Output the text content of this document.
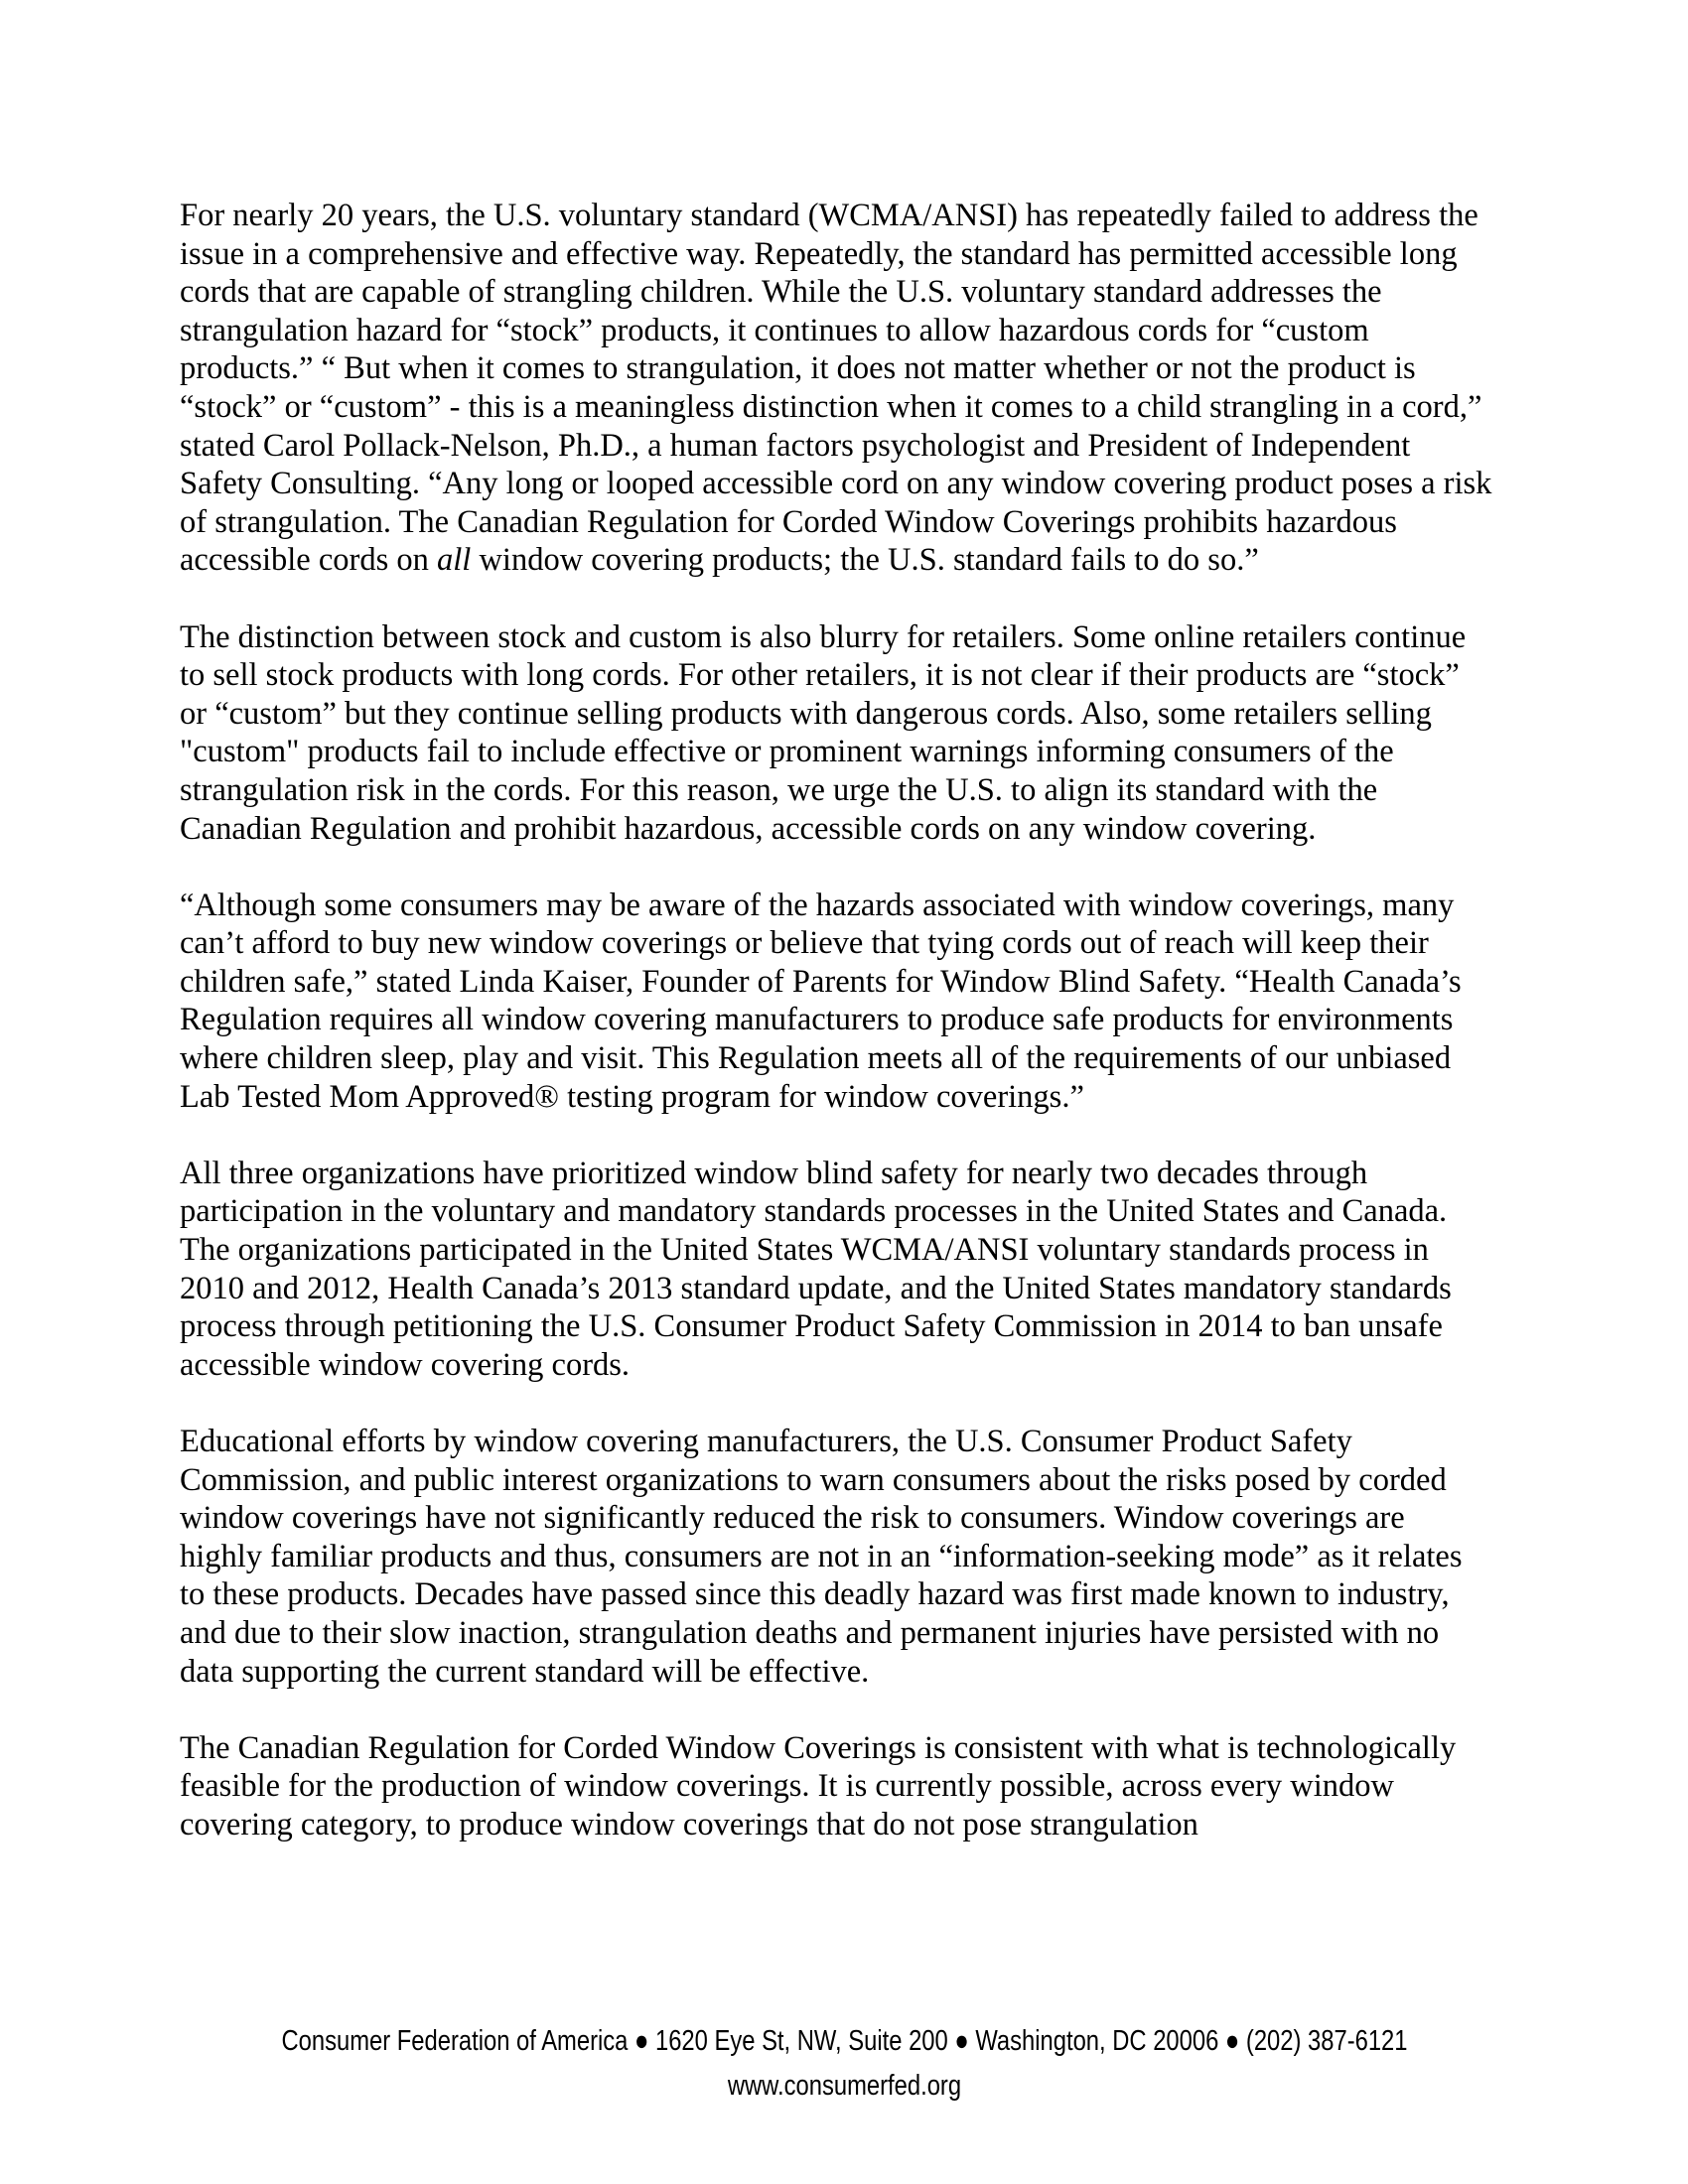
For nearly 20 years, the U.S. voluntary standard (WCMA/ANSI) has repeatedly failed to address the issue in a comprehensive and effective way. Repeatedly, the standard has permitted accessible long cords that are capable of strangling children. While the U.S. voluntary standard addresses the strangulation hazard for “stock” products, it continues to allow hazardous cords for “custom products.” “ But when it comes to strangulation, it does not matter whether or not the product is “stock” or “custom” - this is a meaningless distinction when it comes to a child strangling in a cord,” stated Carol Pollack-Nelson, Ph.D., a human factors psychologist and President of Independent Safety Consulting. “Any long or looped accessible cord on any window covering product poses a risk of strangulation. The Canadian Regulation for Corded Window Coverings prohibits hazardous accessible cords on all window covering products; the U.S. standard fails to do so.”

The distinction between stock and custom is also blurry for retailers. Some online retailers continue to sell stock products with long cords. For other retailers, it is not clear if their products are “stock” or “custom” but they continue selling products with dangerous cords. Also, some retailers selling "custom" products fail to include effective or prominent warnings informing consumers of the strangulation risk in the cords. For this reason, we urge the U.S. to align its standard with the Canadian Regulation and prohibit hazardous, accessible cords on any window covering.

“Although some consumers may be aware of the hazards associated with window coverings, many can’t afford to buy new window coverings or believe that tying cords out of reach will keep their children safe,” stated Linda Kaiser, Founder of Parents for Window Blind Safety. “Health Canada’s Regulation requires all window covering manufacturers to produce safe products for environments where children sleep, play and visit. This Regulation meets all of the requirements of our unbiased Lab Tested Mom Approved® testing program for window coverings.”

All three organizations have prioritized window blind safety for nearly two decades through participation in the voluntary and mandatory standards processes in the United States and Canada. The organizations participated in the United States WCMA/ANSI voluntary standards process in 2010 and 2012, Health Canada’s 2013 standard update, and the United States mandatory standards process through petitioning the U.S. Consumer Product Safety Commission in 2014 to ban unsafe accessible window covering cords.

Educational efforts by window covering manufacturers, the U.S. Consumer Product Safety Commission, and public interest organizations to warn consumers about the risks posed by corded window coverings have not significantly reduced the risk to consumers. Window coverings are highly familiar products and thus, consumers are not in an “information-seeking mode” as it relates to these products. Decades have passed since this deadly hazard was first made known to industry, and due to their slow inaction, strangulation deaths and permanent injuries have persisted with no data supporting the current standard will be effective.

The Canadian Regulation for Corded Window Coverings is consistent with what is technologically feasible for the production of window coverings. It is currently possible, across every window covering category, to produce window coverings that do not pose strangulation

Consumer Federation of America ● 1620 Eye St, NW, Suite 200 ● Washington, DC 20006 ● (202) 387-6121
www.consumerfed.org
